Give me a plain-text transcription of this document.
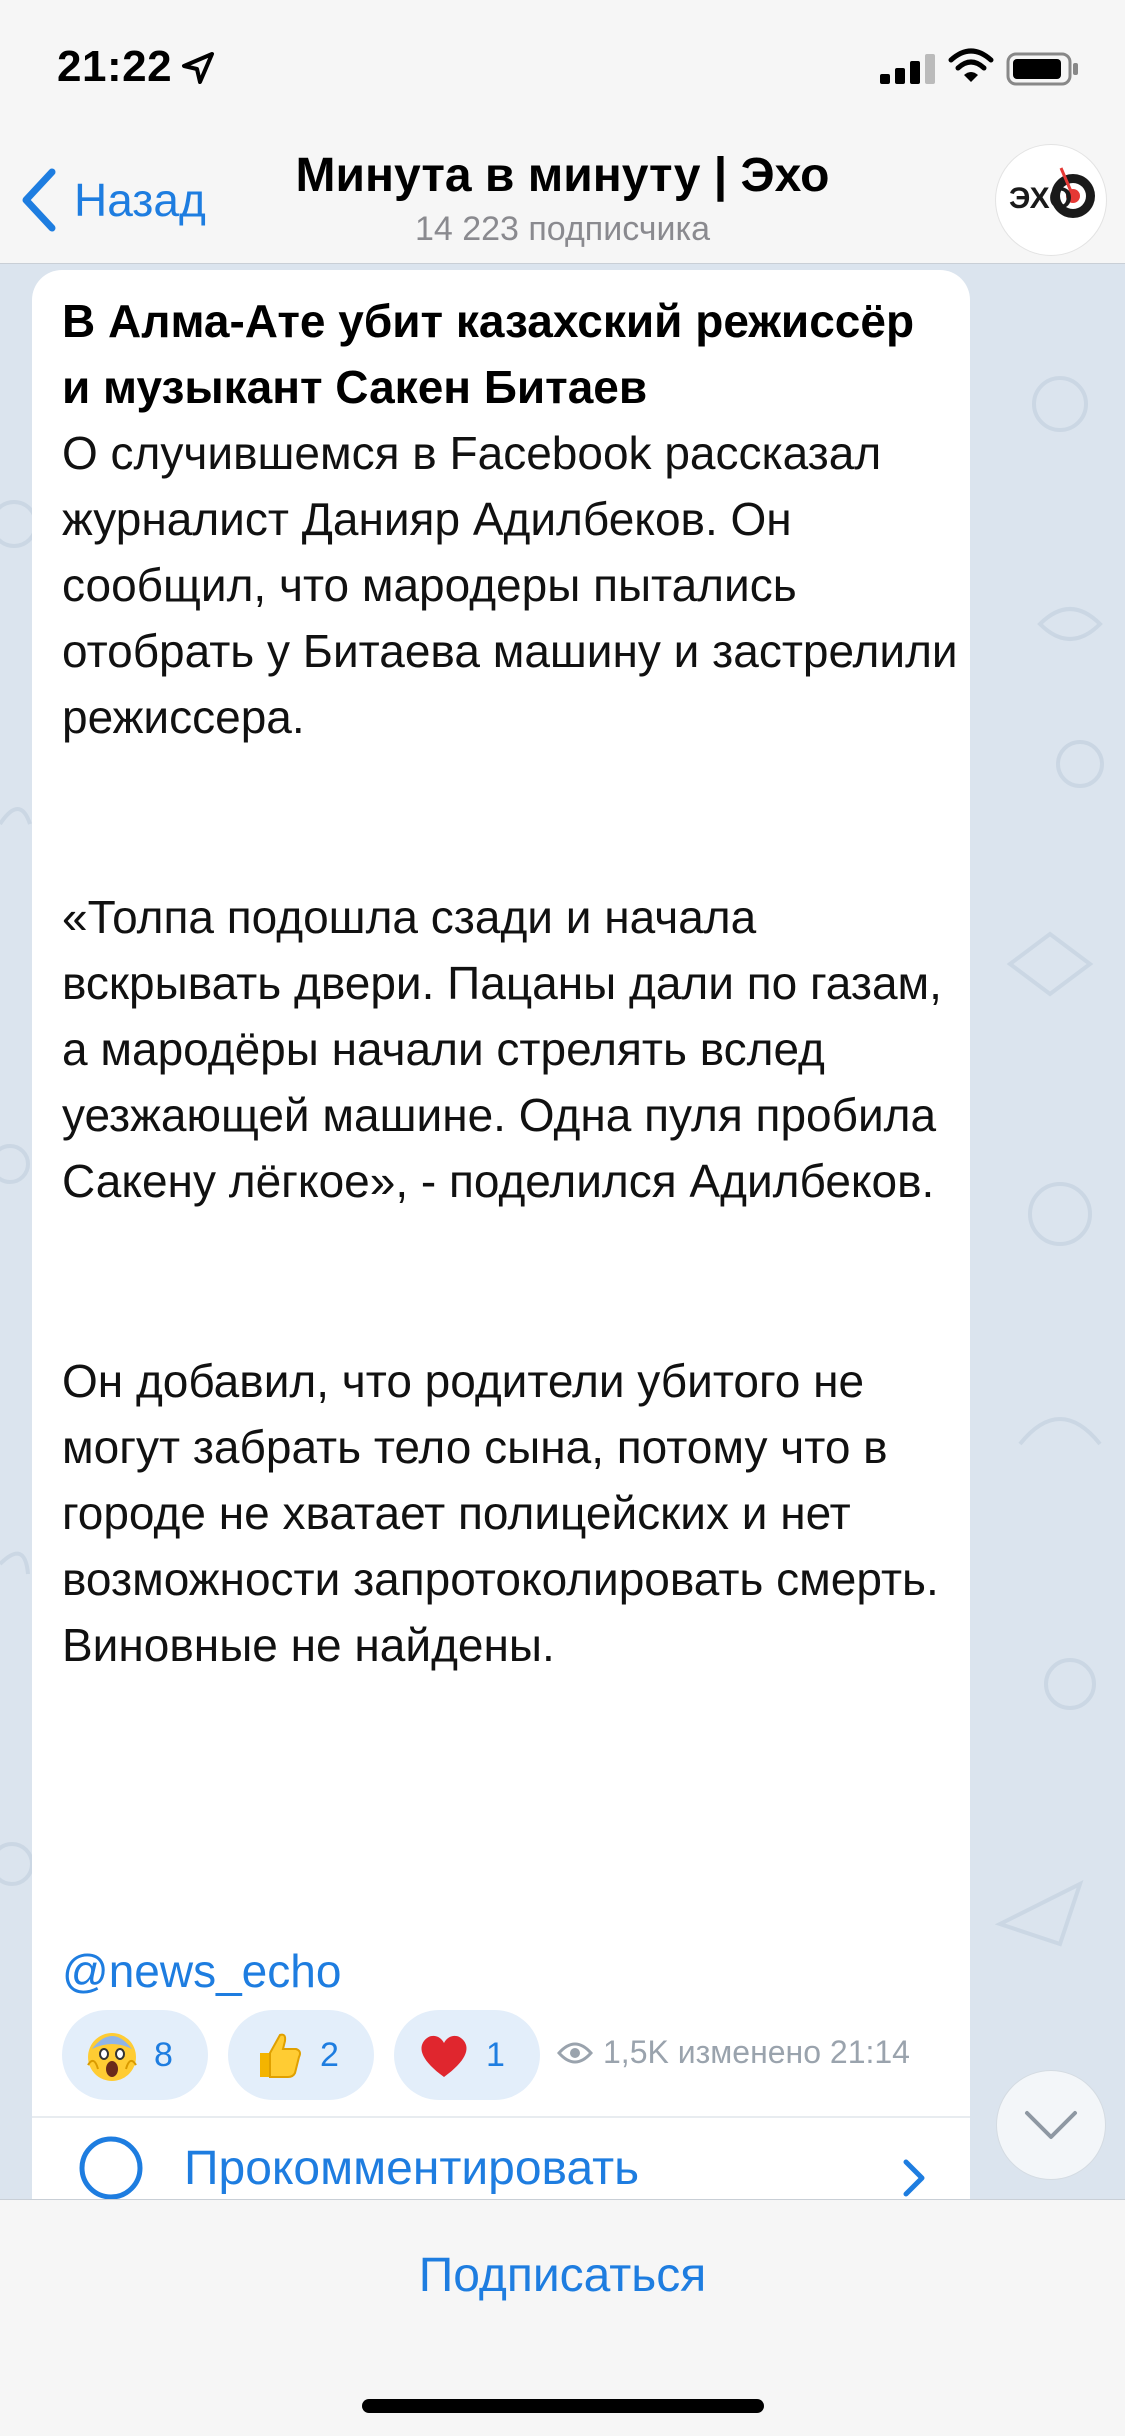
21:22
Назад	Минута в минуту | Эхо
14 223 подписчика
ЭХО
В Алма-Ате убит казахский режиссёр и музыкант Сакен Битаев
О случившемся в Facebook рассказал журналист Данияр Адилбеков. Он сообщил, что мародеры пытались отобрать у Битаева машину и застрелили режиссера.
«Толпа подошла сзади и начала вскрывать двери. Пацаны дали по газам, а мародёры начали стрелять вслед уезжающей машине. Одна пуля пробила Сакену лёгкое», - поделился Адилбеков.
Он добавил, что родители убитого не могут забрать тело сына, потому что в городе не хватает полицейских и нет возможности запротоколировать смерть. Виновные не найдены.
@news_echo
8	2	1	1,5K
изменено
21:14
Прокомментировать
Подписаться
